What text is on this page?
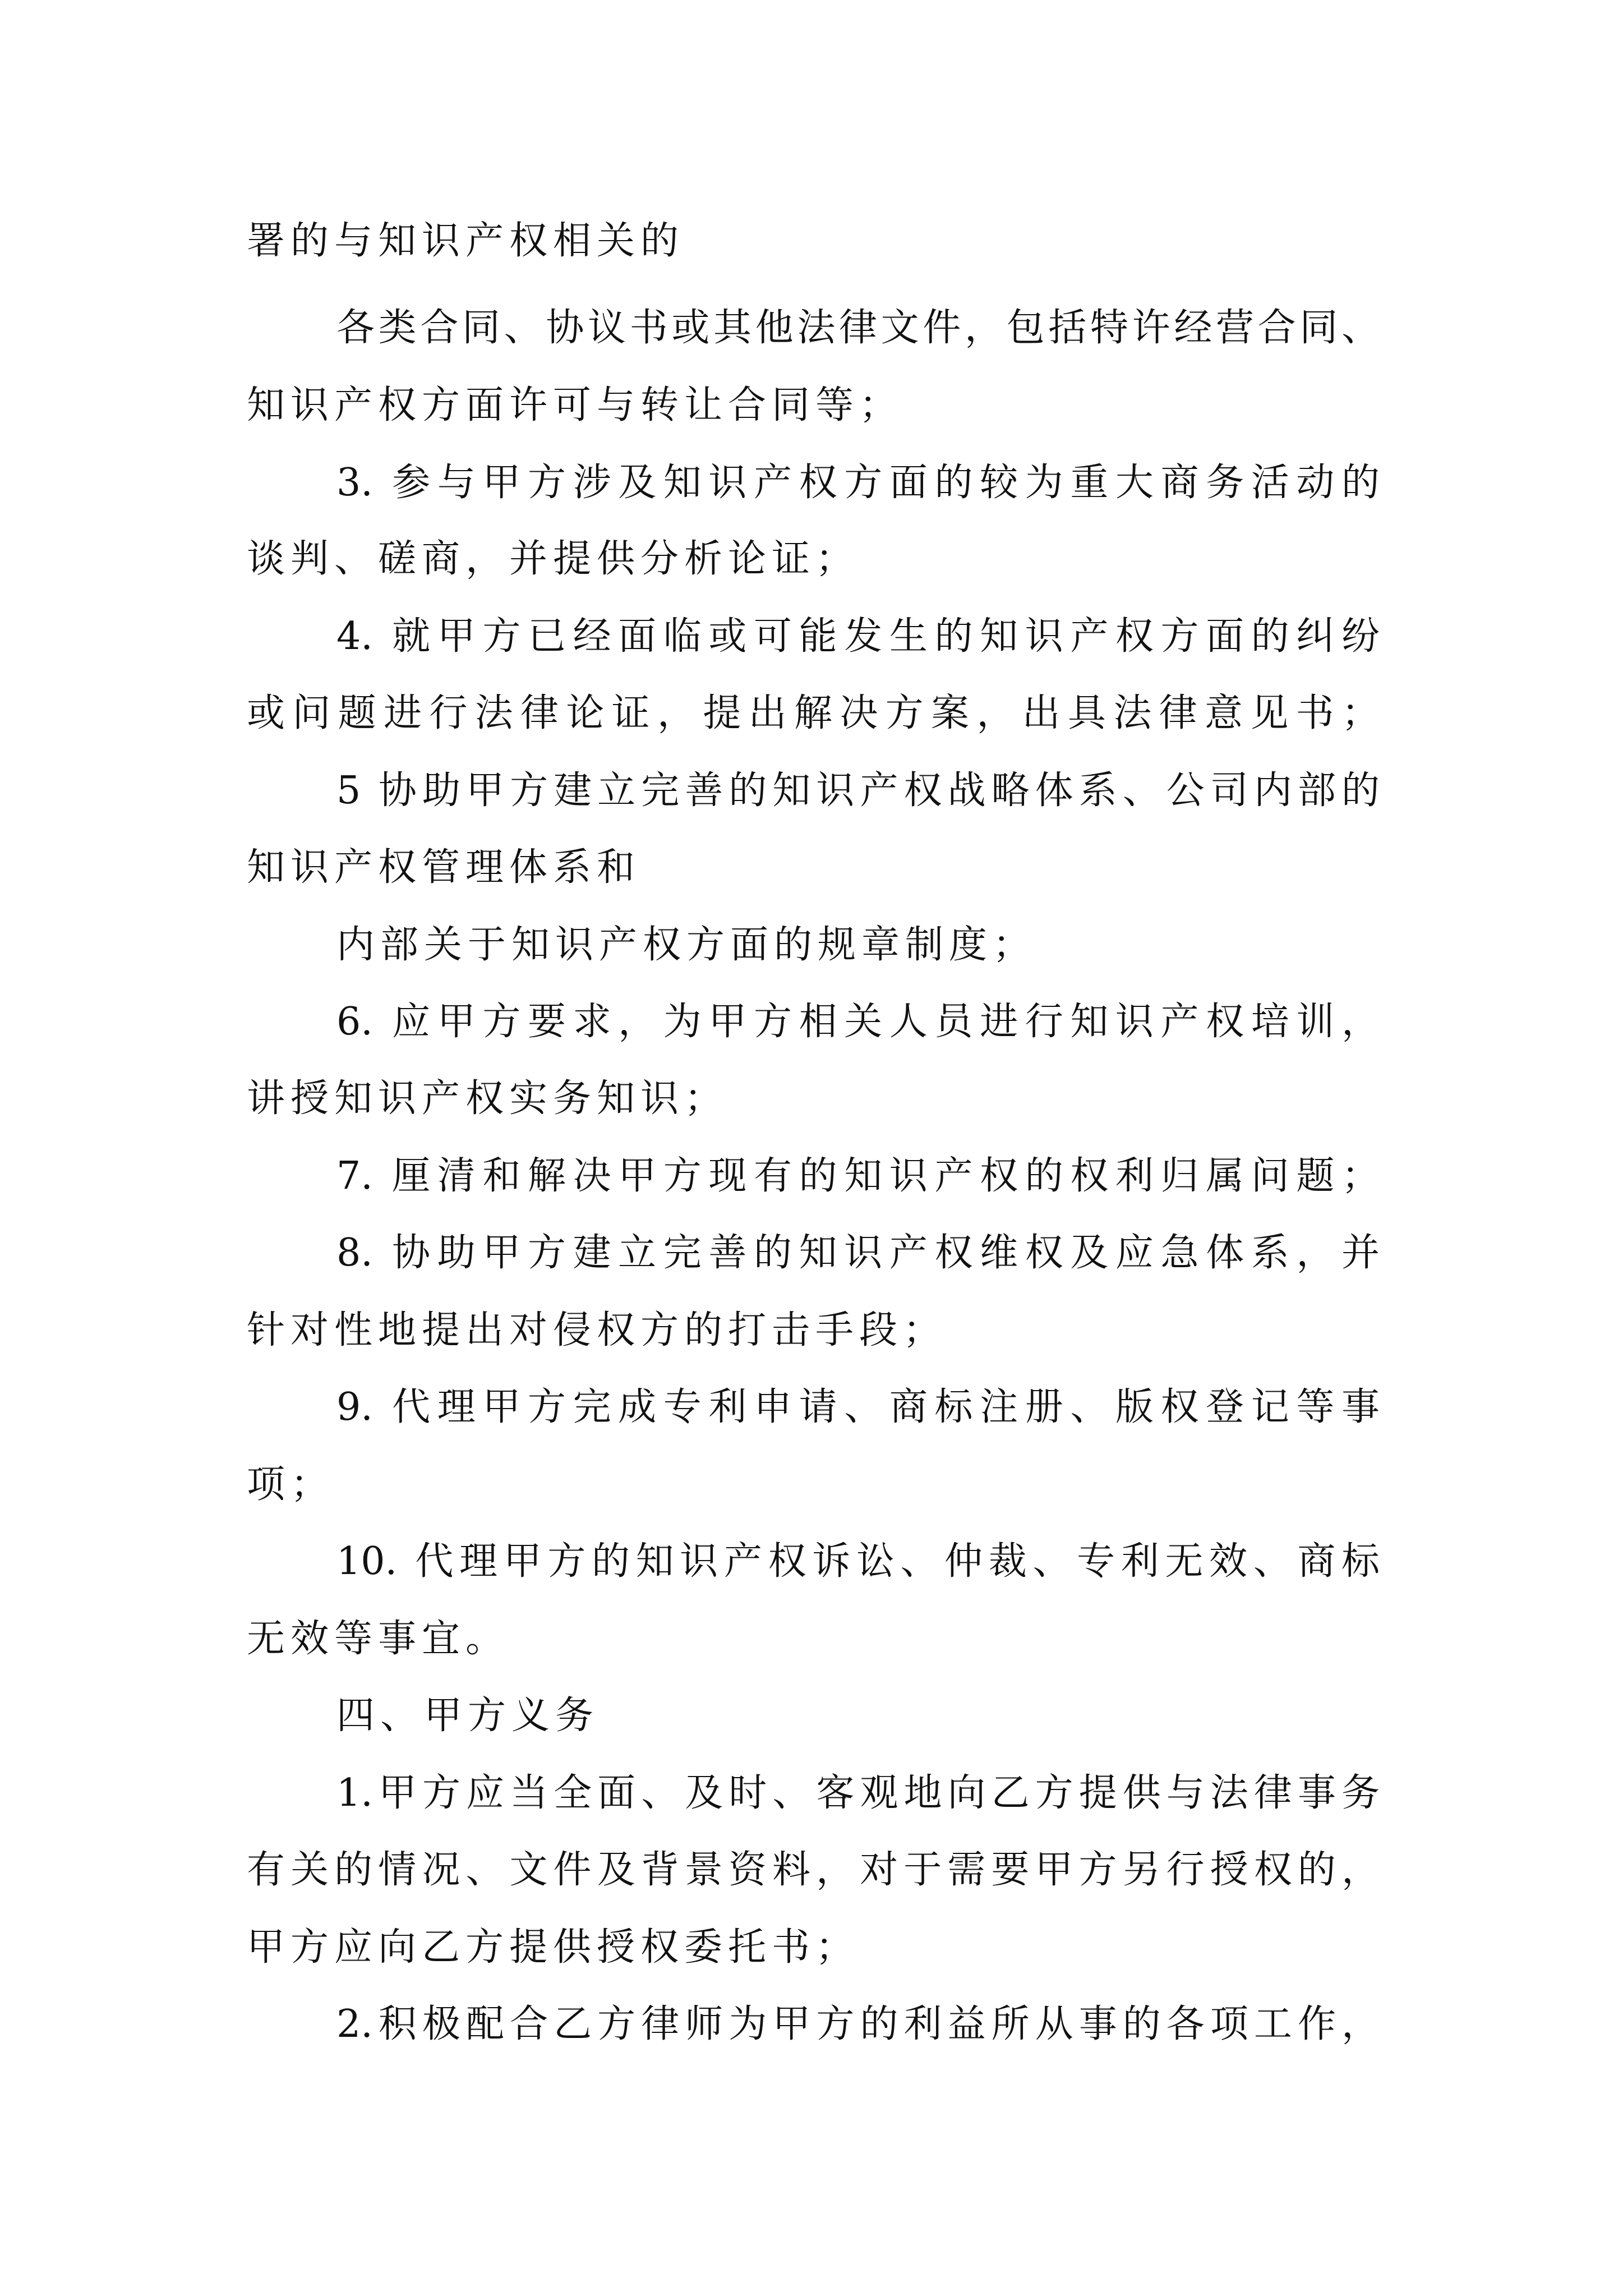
署的与知识产权相关的
各类合同、协议书或其他法律文件，包括特许经营合同、
知识产权方面许可与转让合同等；
3. 参与甲方涉及知识产权方面的较为重大商务活动的
谈判、磋商，并提供分析论证；
4. 就甲方已经面临或可能发生的知识产权方面的纠纷
或问题进行法律论证，提出解决方案，出具法律意见书；
5 协助甲方建立完善的知识产权战略体系、公司内部的
知识产权管理体系和
内部关于知识产权方面的规章制度；
6. 应甲方要求，为甲方相关人员进行知识产权培训，
讲授知识产权实务知识；
7. 厘清和解决甲方现有的知识产权的权利归属问题；
8. 协助甲方建立完善的知识产权维权及应急体系，并
针对性地提出对侵权方的打击手段；
9. 代理甲方完成专利申请、商标注册、版权登记等事
项；
10. 代理甲方的知识产权诉讼、仲裁、专利无效、商标
无效等事宜。
四、甲方义务
1.甲方应当全面、及时、客观地向乙方提供与法律事务
有关的情况、文件及背景资料，对于需要甲方另行授权的，
甲方应向乙方提供授权委托书；
2.积极配合乙方律师为甲方的利益所从事的各项工作，
